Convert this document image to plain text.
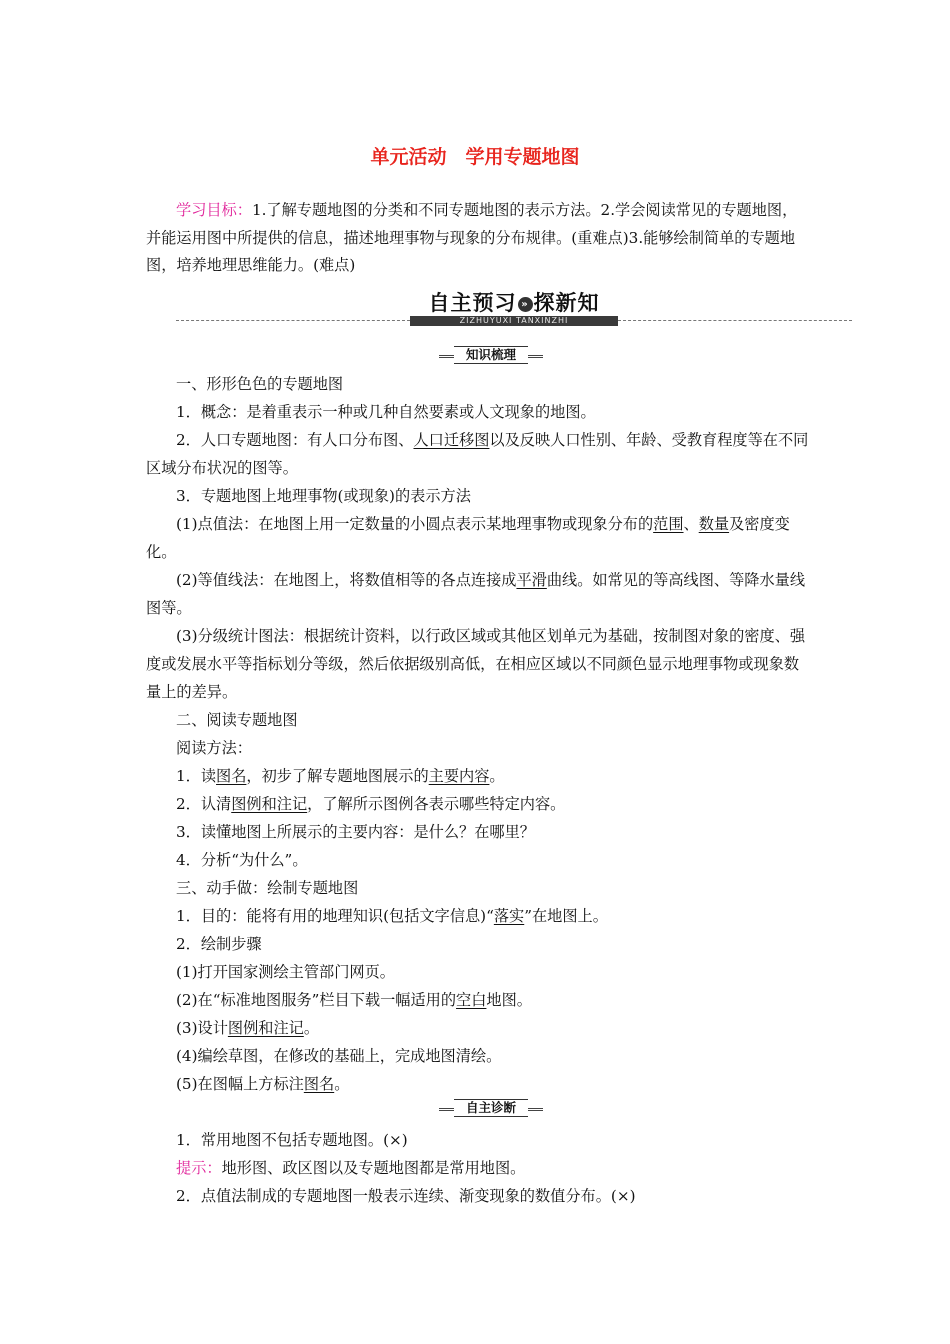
单元活动　学用专题地图
学习目标：1.了解专题地图的分类和不同专题地图的表示方法。2.学会阅读常见的专题地图，并能运用图中所提供的信息，描述地理事物与现象的分布规律。(重难点)3.能够绘制简单的专题地图，培养地理思维能力。(难点)
自主预习 » 探新知
ZIZHUYUXI TANXINZHI
知识梳理

一、形形色色的专题地图

1．概念：是着重表示一种或几种自然要素或人文现象的地图。

2．人口专题地图：有人口分布图、人口迁移图以及反映人口性别、年龄、受教育程度等在不同区域分布状况的图等。

3．专题地图上地理事物(或现象)的表示方法

(1)点值法：在地图上用一定数量的小圆点表示某地理事物或现象分布的范围、数量及密度变化。

(2)等值线法：在地图上，将数值相等的各点连接成平滑曲线。如常见的等高线图、等降水量线图等。

(3)分级统计图法：根据统计资料，以行政区域或其他区划单元为基础，按制图对象的密度、强度或发展水平等指标划分等级，然后依据级别高低，在相应区域以不同颜色显示地理事物或现象数量上的差异。

二、阅读专题地图

阅读方法：

1．读图名，初步了解专题地图展示的主要内容。

2．认清图例和注记，了解所示图例各表示哪些特定内容。

3．读懂地图上所展示的主要内容：是什么？在哪里？

4．分析“为什么”。

三、动手做：绘制专题地图

1．目的：能将有用的地理知识(包括文字信息)“落实”在地图上。

2．绘制步骤

(1)打开国家测绘主管部门网页。

(2)在“标准地图服务”栏目下载一幅适用的空白地图。

(3)设计图例和注记。

(4)编绘草图，在修改的基础上，完成地图清绘。

(5)在图幅上方标注图名。

自主诊断

1．常用地图不包括专题地图。(×)

提示：地形图、政区图以及专题地图都是常用地图。

2．点值法制成的专题地图一般表示连续、渐变现象的数值分布。(×)
